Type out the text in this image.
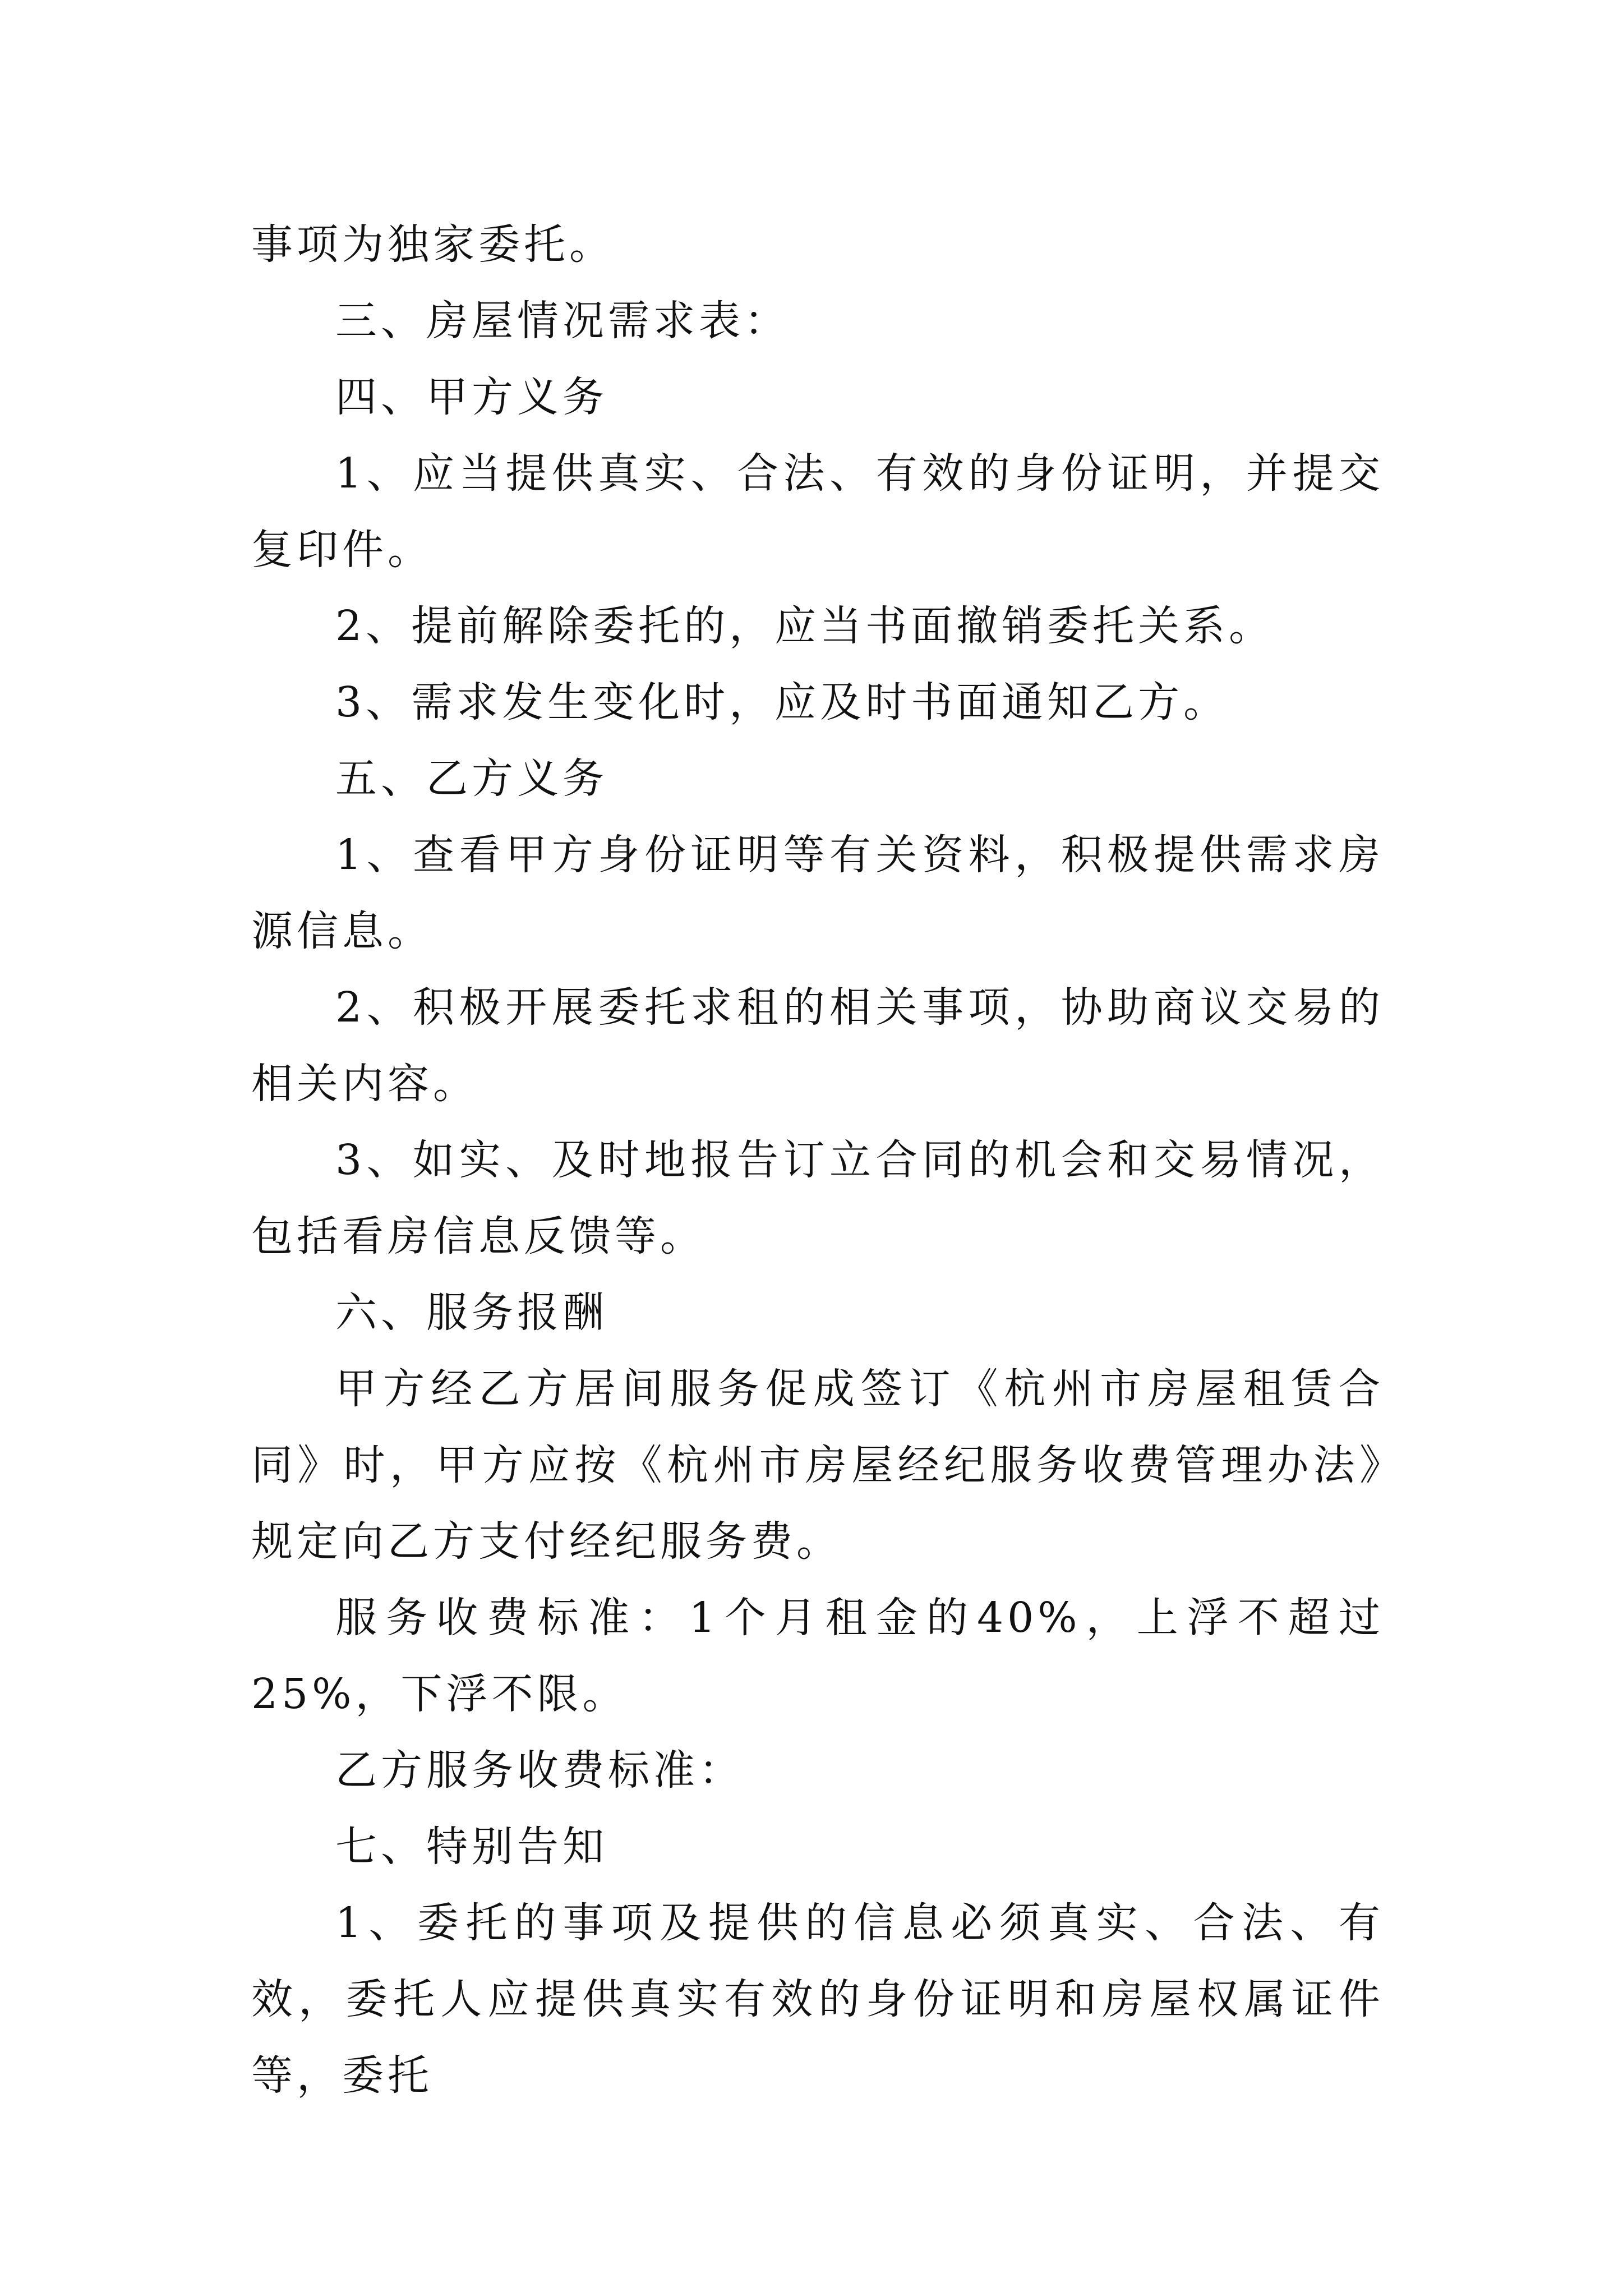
事项为独家委托。

三、房屋情况需求表：

四、甲方义务

1、应当提供真实、合法、有效的身份证明，并提交复印件。

2、提前解除委托的，应当书面撤销委托关系。

3、需求发生变化时，应及时书面通知乙方。

五、乙方义务

1、查看甲方身份证明等有关资料，积极提供需求房源信息。

2、积极开展委托求租的相关事项，协助商议交易的相关内容。

3、如实、及时地报告订立合同的机会和交易情况，包括看房信息反馈等。

六、服务报酬

甲方经乙方居间服务促成签订《杭州市房屋租赁合同》时，甲方应按《杭州市房屋经纪服务收费管理办法》规定向乙方支付经纪服务费。

服务收费标准：1个月租金的40%，上浮不超过25%，下浮不限。

乙方服务收费标准：

七、特别告知

1、委托的事项及提供的信息必须真实、合法、有效，委托人应提供真实有效的身份证明和房屋权属证件等，委托
